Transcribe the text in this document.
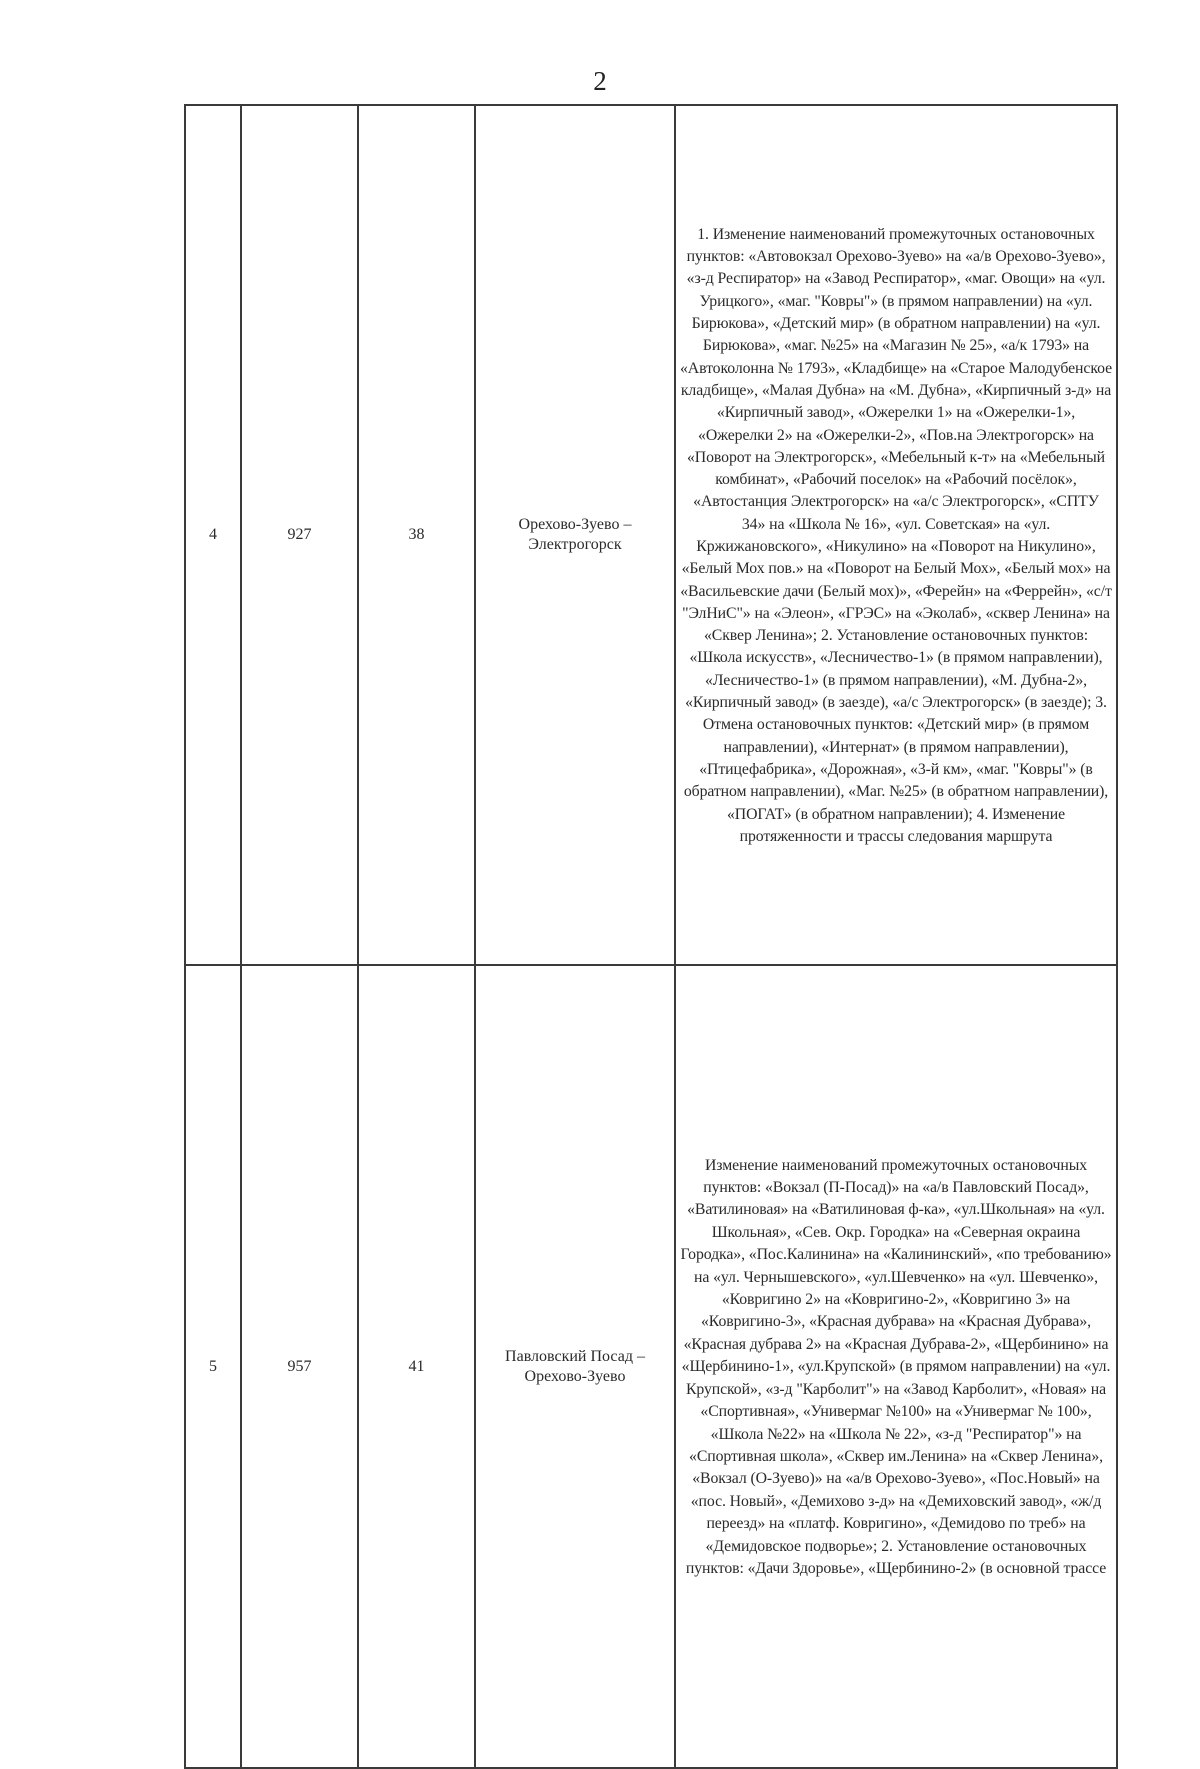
2
4	927	38	Орехово-Зуево – Электрогорск	1. Изменение наименований промежуточных остановочных пунктов: «Автовокзал Орехово-Зуево» на «а/в Орехово-Зуево», «з-д Респиратор» на «Завод Респиратор», «маг. Овощи» на «ул. Урицкого», «маг. "Ковры"» (в прямом направлении) на «ул. Бирюкова», «Детский мир» (в обратном направлении) на «ул. Бирюкова», «маг. №25» на «Магазин № 25», «а/к 1793» на «Автоколонна № 1793», «Кладбище» на «Старое Малодубенское кладбище», «Малая Дубна» на «М. Дубна», «Кирпичный з-д» на «Кирпичный завод», «Ожерелки 1» на «Ожерелки-1», «Ожерелки 2» на «Ожерелки-2», «Пов.на Электрогорск» на «Поворот на Электрогорск», «Мебельный к-т» на «Мебельный комбинат», «Рабочий поселок» на «Рабочий посёлок», «Автостанция Электрогорск» на «а/с Электрогорск», «СПТУ 34» на «Школа № 16», «ул. Советская» на «ул. Кржижановского», «Никулино» на «Поворот на Никулино», «Белый Мох пов.» на «Поворот на Белый Мох», «Белый мох» на «Васильевские дачи (Белый мох)», «Ферейн» на «Феррейн», «с/т "ЭлНиС"» на «Элеон», «ГРЭС» на «Эколаб», «сквер Ленина» на «Сквер Ленина»; 2. Установление остановочных пунктов: «Школа искусств», «Лесничество-1» (в прямом направлении), «Лесничество-1» (в прямом направлении), «М. Дубна-2», «Кирпичный завод» (в заезде), «а/с Электрогорск» (в заезде); 3. Отмена остановочных пунктов: «Детский мир» (в прямом направлении), «Интернат» (в прямом направлении), «Птицефабрика», «Дорожная», «3-й км», «маг. "Ковры"» (в обратном направлении), «Маг. №25» (в обратном направлении), «ПОГАТ» (в обратном направлении); 4. Изменение протяженности и трассы следования маршрута

5	957	41	Павловский Посад – Орехово-Зуево	Изменение наименований промежуточных остановочных пунктов: «Вокзал (П-Посад)» на «а/в Павловский Посад», «Ватилиновая» на «Ватилиновая ф-ка», «ул.Школьная» на «ул. Школьная», «Сев. Окр. Городка» на «Северная окраина Городка», «Пос.Калинина» на «Калининский», «по требованию» на «ул. Чернышевского», «ул.Шевченко» на «ул. Шевченко», «Ковригино 2» на «Ковригино-2», «Ковригино 3» на «Ковригино-3», «Красная дубрава» на «Красная Дубрава», «Красная дубрава 2» на «Красная Дубрава-2», «Щербинино» на «Щербинино-1», «ул.Крупской» (в прямом направлении) на «ул. Крупской», «з-д "Карболит"» на «Завод Карболит», «Новая» на «Спортивная», «Универмаг №100» на «Универмаг № 100», «Школа №22» на «Школа № 22», «з-д "Респиратор"» на «Спортивная школа», «Сквер им.Ленина» на «Сквер Ленина», «Вокзал (О-Зуево)» на «а/в Орехово-Зуево», «Пос.Новый» на «пос. Новый», «Демихово з-д» на «Демиховский завод», «ж/д переезд» на «платф. Ковригино», «Демидово по треб» на «Демидовское подворье»; 2. Установление остановочных пунктов: «Дачи Здоровье», «Щербинино-2» (в основной трассе
